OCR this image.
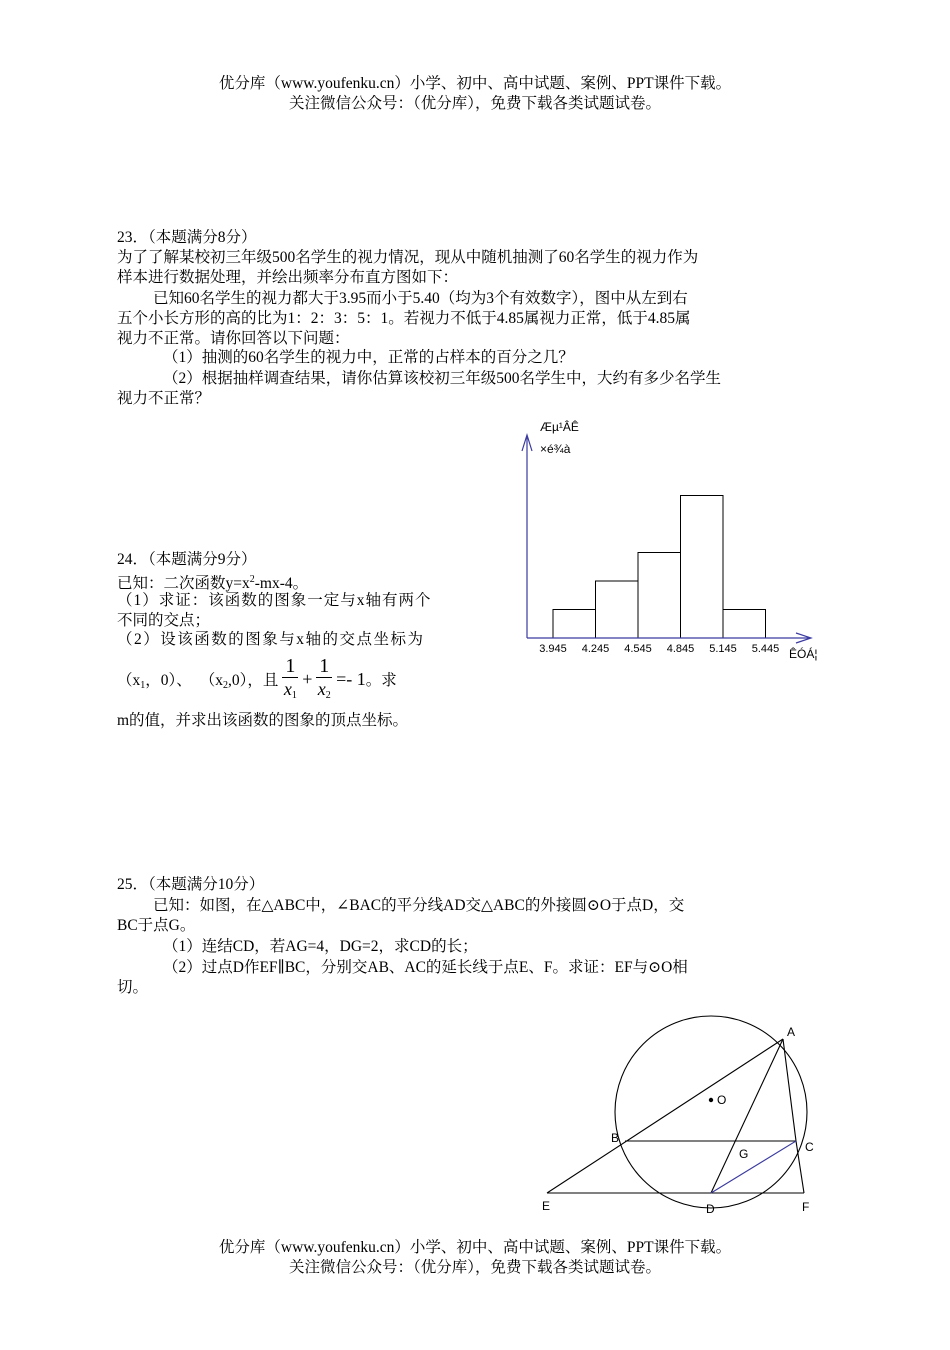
优分库（www.youfenku.cn）小学、初中、高中试题、案例、PPT课件下载。
关注微信公众号：（优分库），免费下载各类试题试卷。
23．（本题满分8分）
为了了解某校初三年级500名学生的视力情况，现从中随机抽测了60名学生的视力作为
样本进行数据处理，并绘出频率分布直方图如下：
已知60名学生的视力都大于3.95而小于5.40（均为3个有效数字），图中从左到右
五个小长方形的高的比为1：2：3：5：1。若视力不低于4.85属视力正常，低于4.85属
视力不正常。请你回答以下问题：
（1）抽测的60名学生的视力中，正常的占样本的百分之几？
（2）根据抽样调查结果，请你估算该校初三年级500名学生中，大约有多少名学生
视力不正常？
Æµ¹ÂÊ
×é¾à
3.945 4.245 4.545 4.845 5.145 5.445 ÊÓÁ¦
24．（本题满分9分）
已知：二次函数$y=x^2-mx-4$。
（1）求证：该函数的图象一定与x轴有两个
不同的交点；
（2）设该函数的图象与x轴的交点坐标为
（$x_1$，0）、 $(x_2,0)$，且 $\frac{1}{x_1} + \frac{1}{x_2} =- 1$。求
m的值，并求出该函数的图象的顶点坐标。
25．（本题满分10分）
已知：如图，在△ABC中，∠BAC的平分线AD交△ABC的外接圆⊙O于点D，交
BC于点G。
（1）连结CD，若AG=4，DG=2，求CD的长；
（2）过点D作EF∥BC，分别交AB、AC的延长线于点E、F。求证：EF与⊙O相
切。
A
O
B
C
G
E	D	F
优分库（www.youfenku.cn）小学、初中、高中试题、案例、PPT课件下载。
关注微信公众号：（优分库），免费下载各类试题试卷。
